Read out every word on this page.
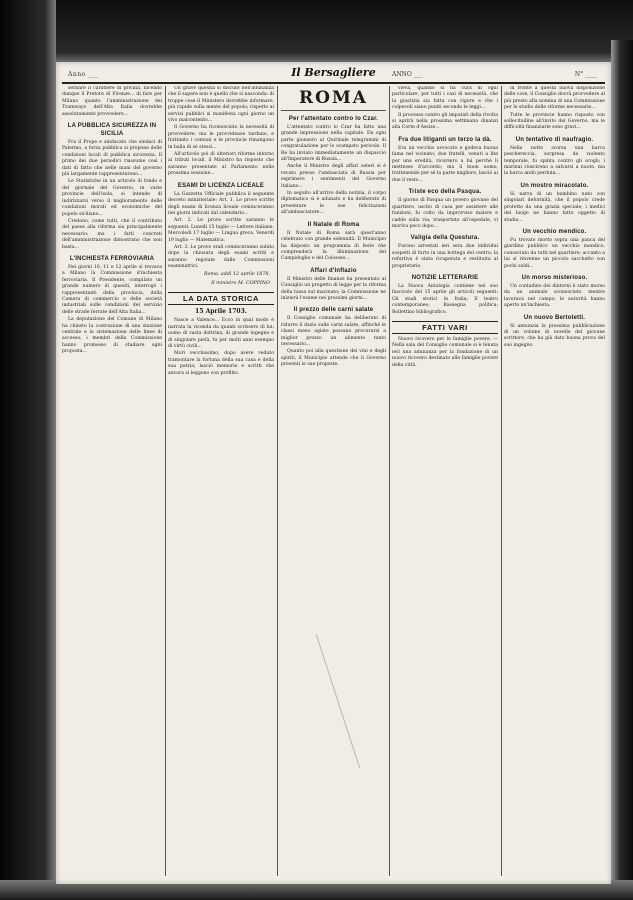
Anno ___	Il Bersagliere	ANNO ___	N° ____

serbare il carattere di privata, facendo dunque il Pretore di Firenze... di fare per Milano quanto l'amministrazione dei Tramways dell'Alta Italia dovrebbe assolutamente provvedere...

LA PUBBLICA SICUREZZA IN SICILIA

Fra il Prope e sindacato che sindaci di Palermo, a forza pubblica si propone delle condizioni locali di pubblica sicurezza. Il primo dei due periodici riassume così i dati di fatto che nelle mani del governo più largamente rappresentarono...

Le Statistiche in un articolo di fondo e del giornale del Governo, in varie provincie dell'isola, si intende di indirizzarsi verso il miglioramento delle condizioni morali ed economiche del popolo siciliano...

Credono, come tutti, che il contributo del paese alla riforma sia principalmente necessario; ma i fatti concreti dell'amministrazione dimostrano che non basta...

L'INCHIESTA FERROVIARIA

Nei giorni 10, 11 e 12 aprile si trovava a Milano la Commissione d'inchiesta ferroviaria. Il Presidente, compilato un grande numero di quesiti, interrogò i rappresentanti della provincia, della Camera di commercio e delle società industriali sulle condizioni del servizio delle strade ferrate dell'Alta Italia...

La deputazione del Comune di Milano ha chiesto la costruzione di una stazione centrale e la sistemazione delle linee di accesso; i membri della Commissione hanno promesso di studiare ogni proposta...

Un grave quesita si discute nell'adunanza che il sapere non è quello che si nasconda: di troppe cose il Ministero dovrebbe informare, più rapide sulla mente del popolo; rispetto ai servizi pubblici si manifesta ogni giorno un vivo malcontento...

Il Governo ha riconosciuto la necessità di provvedere; ma le provvidenze tardano, e frattanto i comuni e le provincie rimangono in balia di sé stessi...

All'articolo poi di ulteriori riforme intorno ai tributi locali, il Ministro ha risposto che saranno presentate al Parlamento nella prossima sessione...

ESAMI DI LICENZA LICEALE

La Gazzetta Ufficiale pubblica il seguente decreto ministeriale: Art. 1. Le prove scritte degli esami di licenza liceale cominceranno nei giorni indicati dal calendario...

Art. 2. Le prove scritte saranno le seguenti: Lunedì 15 luglio — Lettere italiane. Mercoledì 17 luglio — Lingua greca. Venerdì 19 luglio — Matematica.

Art. 3. Le prove orali cominceranno subito dopo la chiusura degli esami scritti e saranno regolate dalle Commissioni esaminatrici.

Roma, addì 12 aprile 1878.
Il ministro M. COPPINO
LA DATA STORICA
15 Aprile 1703.

Nasce a Valence... Ecco in qual modo è narrata la vicenda da quanti scrissero di lui: uomo di vasta dottrina, di grande ingegno e di singolare pietà, fu per molti anni esempio di virtù civili...

Morì vecchissimo, dopo avere veduto tramontare la fortuna della sua casa e della sua patria; lasciò memorie e scritti che ancora si leggono con profitto.

ROMA
Per l'attentato contro lo Czar.

L'attentato contro lo Czar ha fatto una grande impressione nella capitale. Da ogni parte giunsero al Quirinale telegrammi di congratulazione per lo scampato pericolo. Il Re ha inviato immediatamente un dispaccio all'Imperatore di Russia...

Anche il Ministro degli affari esteri si è recato presso l'ambasciata di Russia per esprimere i sentimenti del Governo italiano...

In seguito all'arrivo della notizia, il corpo diplomatico si è adunato e ha deliberato di presentare le sue felicitazioni all'ambasciatore...

Il Natale di Roma

Il Natale di Roma sarà quest'anno celebrato con grande solennità. Il Municipio ha disposto un programma di feste che comprenderà la illuminazione del Campidoglio e del Colosseo...

Affari d'Inflazio

Il Ministro delle finanze ha presentato al Consiglio un progetto di legge per la riforma della tassa sul macinato; la Commissione ne inizierà l'esame nei prossimi giorni...

Il prezzo delle carni salate

Il Consiglio comunale ha deliberato di ridurre il dazio sulle carni salate, affinché le classi meno agiate possano procurarsi a miglior prezzo un alimento tanto necessario...

Quanto poi alla questione dei vini e degli spiriti, il Municipio attende che il Governo presenti le sue proposte.

vieva, quando si ha cura di ogni particolare, per tutti i casi di necessità, che la giustizia sia fatta con rigore e che i colpevoli siano puniti secondo le leggi...

Il processo contro gli imputati della rivolta si aprirà nella prossima settimana dinanzi alla Corte d'Assise...

Fra due litiganti un terzo la dà.

Era un vecchio avvocato e godeva buona fama nel vicinato; due fratelli, venuti a lite per una eredità, ricorsero a lui perché li mettesse d'accordo; ma il buon uomo, trattenendo per sé la parte migliore, lasciò ai due il resto...

Triste eco della Pasqua.

Il giorno di Pasqua un povero giovane del quartiere, uscito di casa per assistere alle funzioni, fu colto da improvviso malore e cadde sulla via; trasportato all'ospedale, vi moriva poco dopo...

Valigia della Questura.

Furono arrestati ieri sera due individui sospetti di furto in una bottega del centro; la refurtiva è stata ricuperata e restituita al proprietario.

NOTIZIE LETTERARIE

La Nuova Antologia contiene nel suo fascicolo del 15 aprile gli articoli seguenti: Gli studi storici in Italia; Il teatro contemporaneo; Rassegna politica; Bollettino bibliografico.

FATTI VARI

Nuovo ricovero per le famiglie povere. — Nella sala del Consiglio comunale si è tenuta ieri una adunanza per la fondazione di un nuovo ricovero destinato alle famiglie povere della città.

di fronte a questa nuova disposizione delle cose, il Consiglio dovrà provvedere al più presto alla nomina di una Commissione per lo studio delle riforme necessarie...

Tutte le provincie hanno risposto con sollecitudine all'invito del Governo, ma le difficoltà finanziarie sono gravi...

Un tentativo di naufragio.

Nella notte scorsa una barca peschereccia, sorpresa da violento temporale, fu spinta contro gli scogli; i marinai riuscirono a salvarsi a nuoto, ma la barca andò perduta...

Un mostro miracolato.

Si narra di un bambino nato con singolari deformità, che il popolo crede protetto da una grazia speciale; i medici del luogo ne hanno fatto oggetto di studio...

Un vecchio mendico.

Fu trovato morto sopra una panca del giardino pubblico un vecchio mendico, conosciuto da tutti nel quartiere; accanto a lui si rinvenne un piccolo sacchetto con pochi soldi...

Un morso misterioso.

Un contadino dei dintorni è stato morso da un animale sconosciuto mentre lavorava nel campo; le autorità hanno aperto un'inchiesta.

Un nuovo Bertoletti.

Si annunzia la prossima pubblicazione di un volume di novelle del giovane scrittore, che ha già dato buona prova del suo ingegno.
